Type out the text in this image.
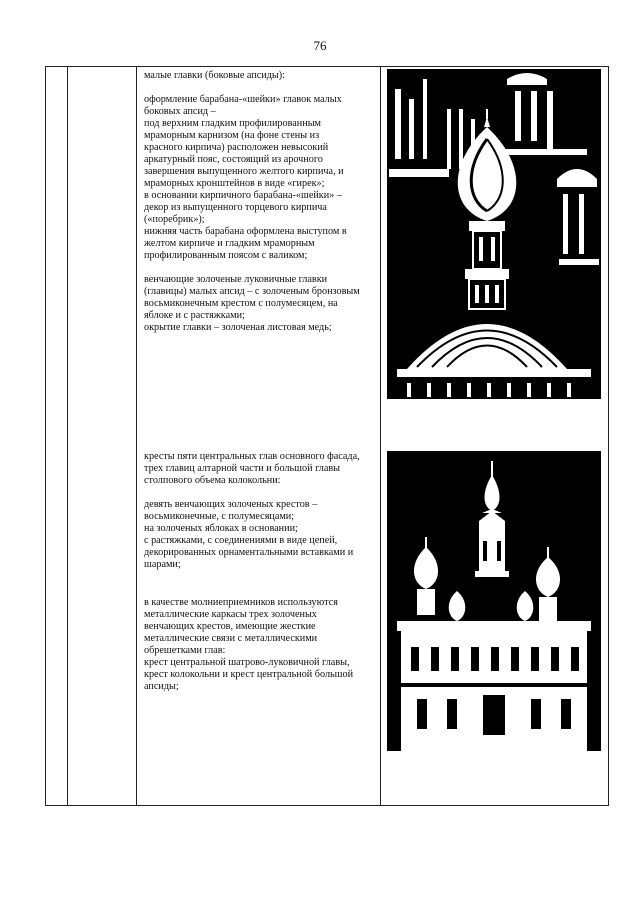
76

малые главки (боковые апсиды):

оформление барабана-«шейки» главок малых
боковых апсид –
под верхним гладким профилированным
мраморным карнизом (на фоне стены из
красного кирпича) расположен невысокий
аркатурный пояс, состоящий из арочного
завершения выпущенного желтого кирпича, и
мраморных кронштейнов в виде «гирек»;
в основании кирпичного барабана-«шейки» –
декор из выпущенного торцевого кирпича
(«поребрик»);
нижняя часть барабана оформлена выступом в
желтом кирпиче и гладким мраморным
профилированным поясом с валиком;

венчающие золоченые луковичные главки
(главицы) малых апсид – с золоченым бронзовым
восьмиконечным крестом с полумесяцем, на
яблоке и с растяжками;
окрытие главки – золоченая листовая медь;

кресты пяти центральных глав основного фасада,
трех главиц алтарной части и большой главы
столпового объема колокольни:

девять венчающих золоченых крестов –
восьмиконечные, с полумесяцами;
на золоченых яблоках в основании;
с растяжками, с соединениями в виде цепей,
декорированных орнаментальными вставками и
шарами;

в качестве молниеприемников используются
металлические каркасы трех золоченых
венчающих крестов, имеющие жесткие
металлические связи с металлическими
обрешетками глав:
крест центральной шатрово-луковичной главы,
крест колокольни и крест центральной большой
апсиды;
